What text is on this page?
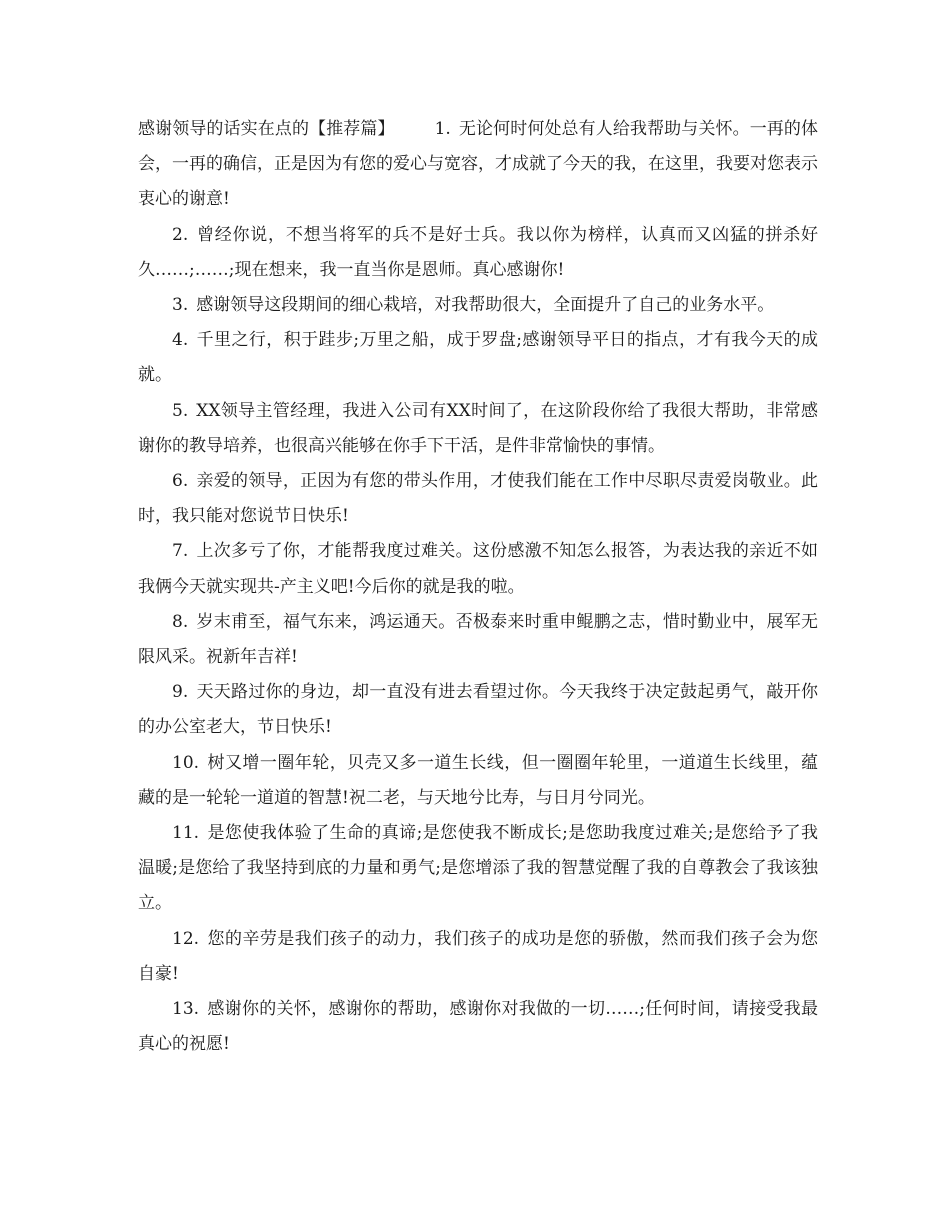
感谢领导的话实在点的【推荐篇】 1. 无论何时何处总有人给我帮助与关怀。一再的体会，一再的确信，正是因为有您的爱心与宽容，才成就了今天的我，在这里，我要对您表示衷心的谢意!

2. 曾经你说，不想当将军的兵不是好士兵。我以你为榜样，认真而又凶猛的拼杀好久……;……;现在想来，我一直当你是恩师。真心感谢你!

3. 感谢领导这段期间的细心栽培，对我帮助很大，全面提升了自己的业务水平。

4. 千里之行，积于跬步;万里之船，成于罗盘;感谢领导平日的指点，才有我今天的成就。

5. XX领导主管经理，我进入公司有XX时间了，在这阶段你给了我很大帮助，非常感谢你的教导培养，也很高兴能够在你手下干活，是件非常愉快的事情。

6. 亲爱的领导，正因为有您的带头作用，才使我们能在工作中尽职尽责爱岗敬业。此时，我只能对您说节日快乐!

7. 上次多亏了你，才能帮我度过难关。这份感激不知怎么报答，为表达我的亲近不如我俩今天就实现共-产主义吧!今后你的就是我的啦。

8. 岁末甫至，福气东来，鸿运通天。否极泰来时重申鲲鹏之志，惜时勤业中，展军无限风采。祝新年吉祥!

9. 天天路过你的身边，却一直没有进去看望过你。今天我终于决定鼓起勇气，敲开你的办公室老大，节日快乐!

10. 树又增一圈年轮，贝壳又多一道生长线，但一圈圈年轮里，一道道生长线里，蕴藏的是一轮轮一道道的智慧!祝二老，与天地兮比寿，与日月兮同光。

11. 是您使我体验了生命的真谛;是您使我不断成长;是您助我度过难关;是您给予了我温暖;是您给了我坚持到底的力量和勇气;是您增添了我的智慧觉醒了我的自尊教会了我该独立。

12. 您的辛劳是我们孩子的动力，我们孩子的成功是您的骄傲，然而我们孩子会为您自豪!

13. 感谢你的关怀，感谢你的帮助，感谢你对我做的一切……;任何时间，请接受我最真心的祝愿!
